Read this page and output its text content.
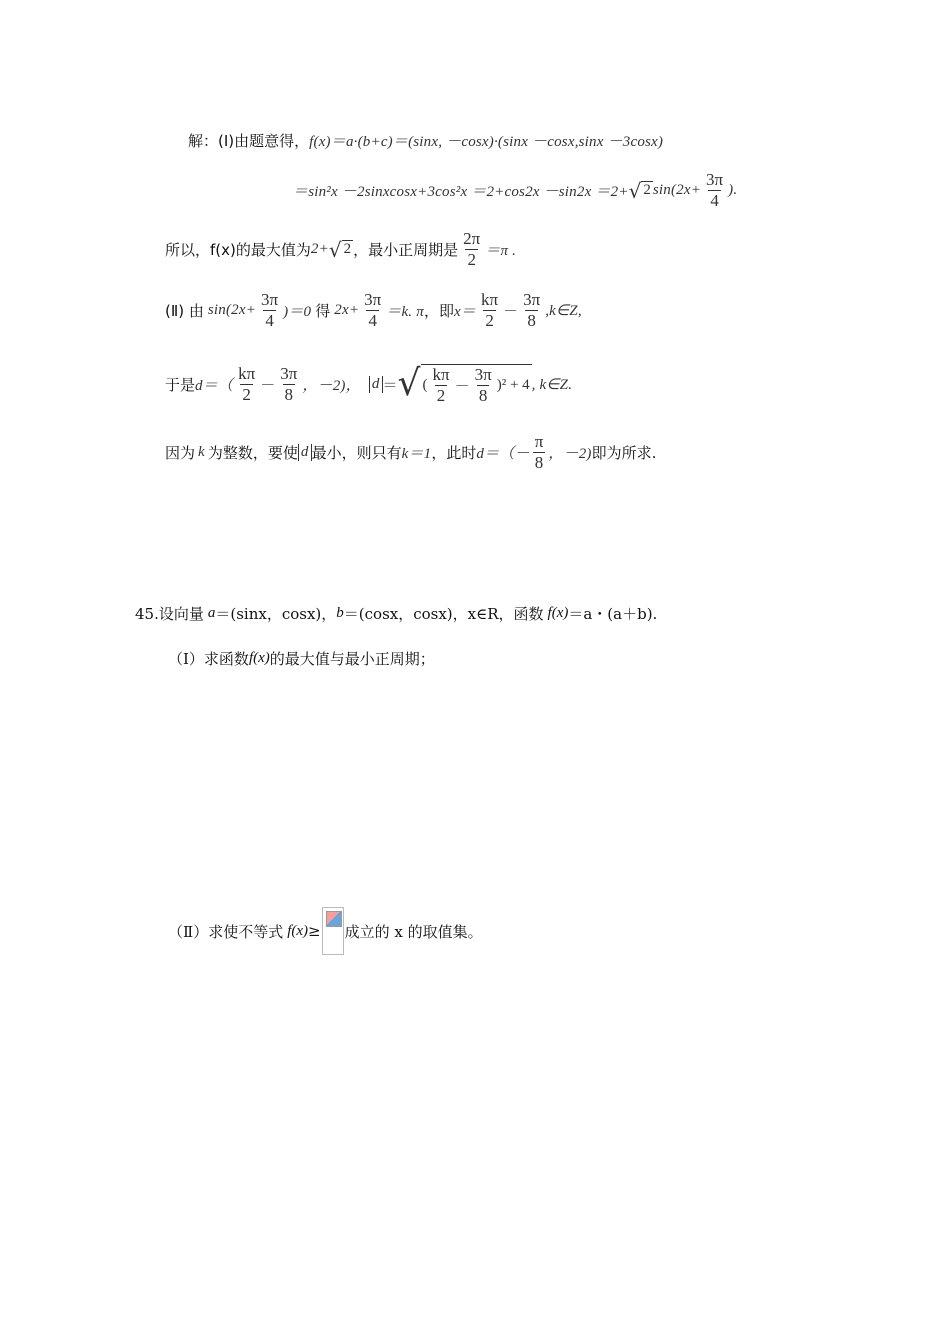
解：(Ⅰ)由题意得， f(x)＝a·(b+c)＝(sinx, －cosx)·(sinx －cosx,sinx －3cosx)
＝sin²x －2sinxcosx+3cos²x ＝2+cos2x －sin2x ＝2+ √ 2 $\sin(2x+ \frac{3\pi}{4}$ ).
所以，f(x)的最大值为 2+ √ 2 ，最小正周期是 $\frac{2\pi}{2} =\pi$ .
(Ⅱ) 由 $\sin(2x+ \frac{3\pi}{4} )=0$ 得 $2x+ \frac{3\pi}{4} =k$. π ，即 $x= \frac{k\pi}{2} - \frac{3\pi}{8}$ ,k∈Z,
于是 $d=( \frac{k\pi}{2} - \frac{3\pi}{8}$ ，－2)， d ＝ √ ( $\frac{k\pi}{2} - \frac{3\pi}{8} )^2 + 4$ , k∈Z.
因为 k 为整数，要使 d 最小，则只有 k＝1 ，此时 $d=(- \frac{\pi}{8}$ ，－2) 即为所求.
45.设向量 a ＝(sinx，cosx)， b ＝(cosx，cosx)，x∈R，函数 f(x) ＝a・(a＋b).
（Ⅰ）求函数 f(x) 的最大值与最小正周期；
（Ⅱ）求使不等式 f(x) ≥ 成立的 x 的取值集。
